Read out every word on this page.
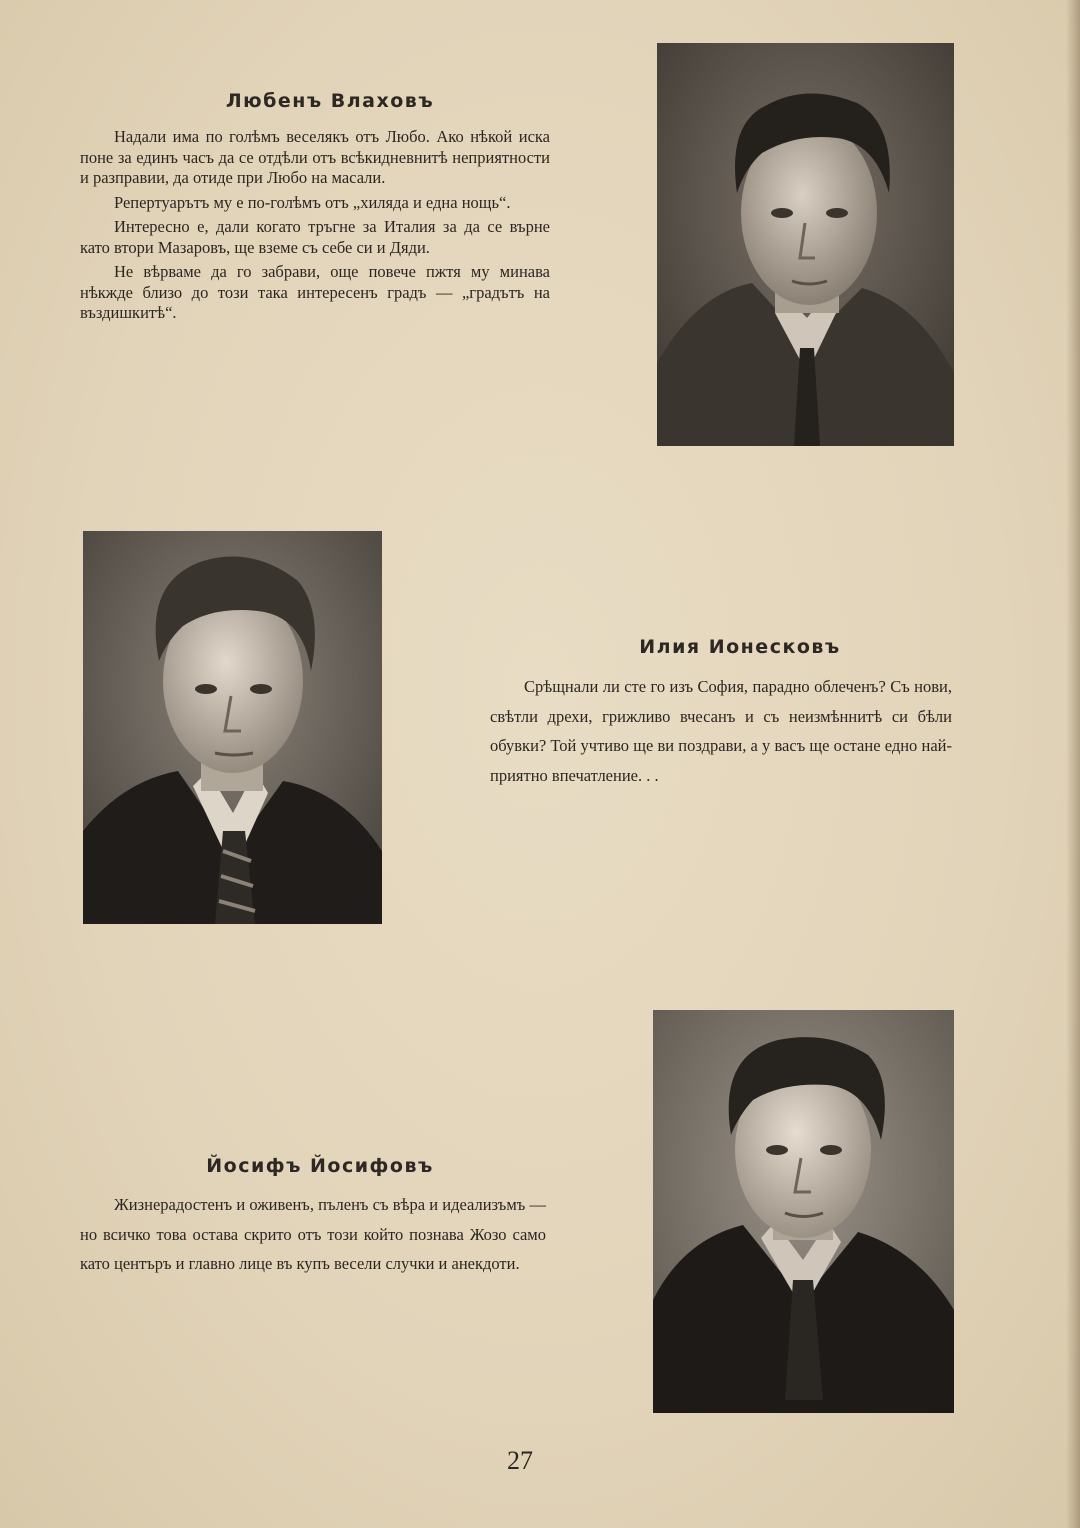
Любенъ Влаховъ

Надали има по голѣмъ веселякъ отъ Любо. Ако нѣкой иска поне за единъ часъ да се отдѣли отъ всѣкидневнитѣ неприятности и разправии, да отиде при Любо на масали.

Репертуарътъ му е по-голѣмъ отъ „хиляда и една нощь“.

Интересно е, дали когато тръгне за Италия за да се върне като втори Мазаровъ, ще вземе съ себе си и Дяди.

Не вѣрваме да го забрави, още повече пжтя му минава нѣкжде близо до този така интересенъ градъ — „градътъ на въздишкитѣ“.

Илия Ионесковъ

Срѣщнали ли сте го изъ София, парадно облеченъ? Съ нови, свѣтли дрехи, грижливо вчесанъ и съ неизмѣннитѣ си бѣли обувки? Той учтиво ще ви поздрави, а у васъ ще остане едно най-приятно впечатление. . .

Йосифъ Йосифовъ

Жизнерадостенъ и оживенъ, пъленъ съ вѣра и идеализъмъ — но всичко това остава скрито отъ този който познава Жозо само като центъръ и главно лице въ купъ весели случки и анекдоти.

27
